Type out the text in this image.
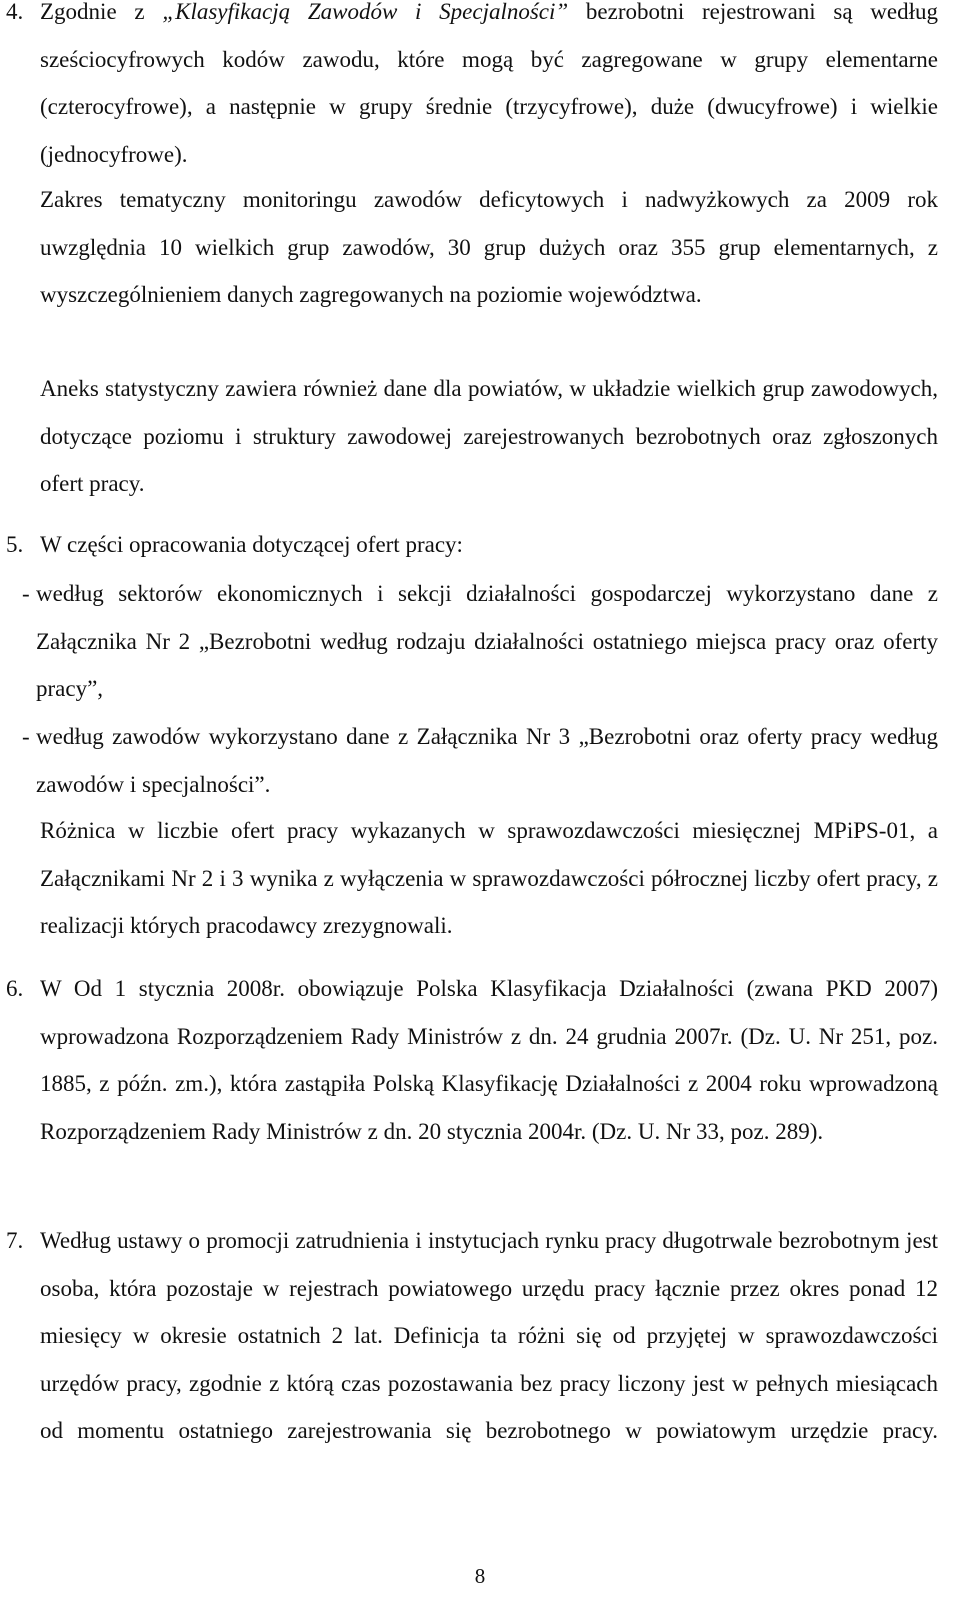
4. Zgodnie z „Klasyfikacją Zawodów i Specjalności” bezrobotni rejestrowani są według sześciocyfrowych kodów zawodu, które mogą być zagregowane w grupy elementarne (czterocyfrowe), a następnie w grupy średnie (trzycyfrowe), duże (dwucyfrowe) i wielkie (jednocyfrowe).
Zakres tematyczny monitoringu zawodów deficytowych i nadwyżkowych za 2009 rok uwzględnia 10 wielkich grup zawodów, 30 grup dużych oraz 355 grup elementarnych, z wyszczególnieniem danych zagregowanych na poziomie województwa.
Aneks statystyczny zawiera również dane dla powiatów, w układzie wielkich grup zawodowych, dotyczące poziomu i struktury zawodowej zarejestrowanych bezrobotnych oraz zgłoszonych ofert pracy.
5. W części opracowania dotyczącej ofert pracy:
- według sektorów ekonomicznych i sekcji działalności gospodarczej wykorzystano dane z Załącznika Nr 2 „Bezrobotni według rodzaju działalności ostatniego miejsca pracy oraz oferty pracy”,
- według zawodów wykorzystano dane z Załącznika Nr 3 „Bezrobotni oraz oferty pracy według zawodów i specjalności”.
Różnica w liczbie ofert pracy wykazanych w sprawozdawczości miesięcznej MPiPS-01, a Załącznikami Nr 2 i 3 wynika z wyłączenia w sprawozdawczości półrocznej liczby ofert pracy, z realizacji których pracodawcy zrezygnowali.
6. W Od 1 stycznia 2008r. obowiązuje Polska Klasyfikacja Działalności (zwana PKD 2007) wprowadzona Rozporządzeniem Rady Ministrów z dn. 24 grudnia 2007r. (Dz. U. Nr 251, poz. 1885, z późn. zm.), która zastąpiła Polską Klasyfikację Działalności z 2004 roku wprowadzoną Rozporządzeniem Rady Ministrów z dn. 20 stycznia 2004r. (Dz. U. Nr 33, poz. 289).
7. Według ustawy o promocji zatrudnienia i instytucjach rynku pracy długotrwale bezrobotnym jest osoba, która pozostaje w rejestrach powiatowego urzędu pracy łącznie przez okres ponad 12 miesięcy w okresie ostatnich 2 lat. Definicja ta różni się od przyjętej w sprawozdawczości urzędów pracy, zgodnie z którą czas pozostawania bez pracy liczony jest w pełnych miesiącach od momentu ostatniego zarejestrowania się bezrobotnego w powiatowym urzędzie pracy.
8
